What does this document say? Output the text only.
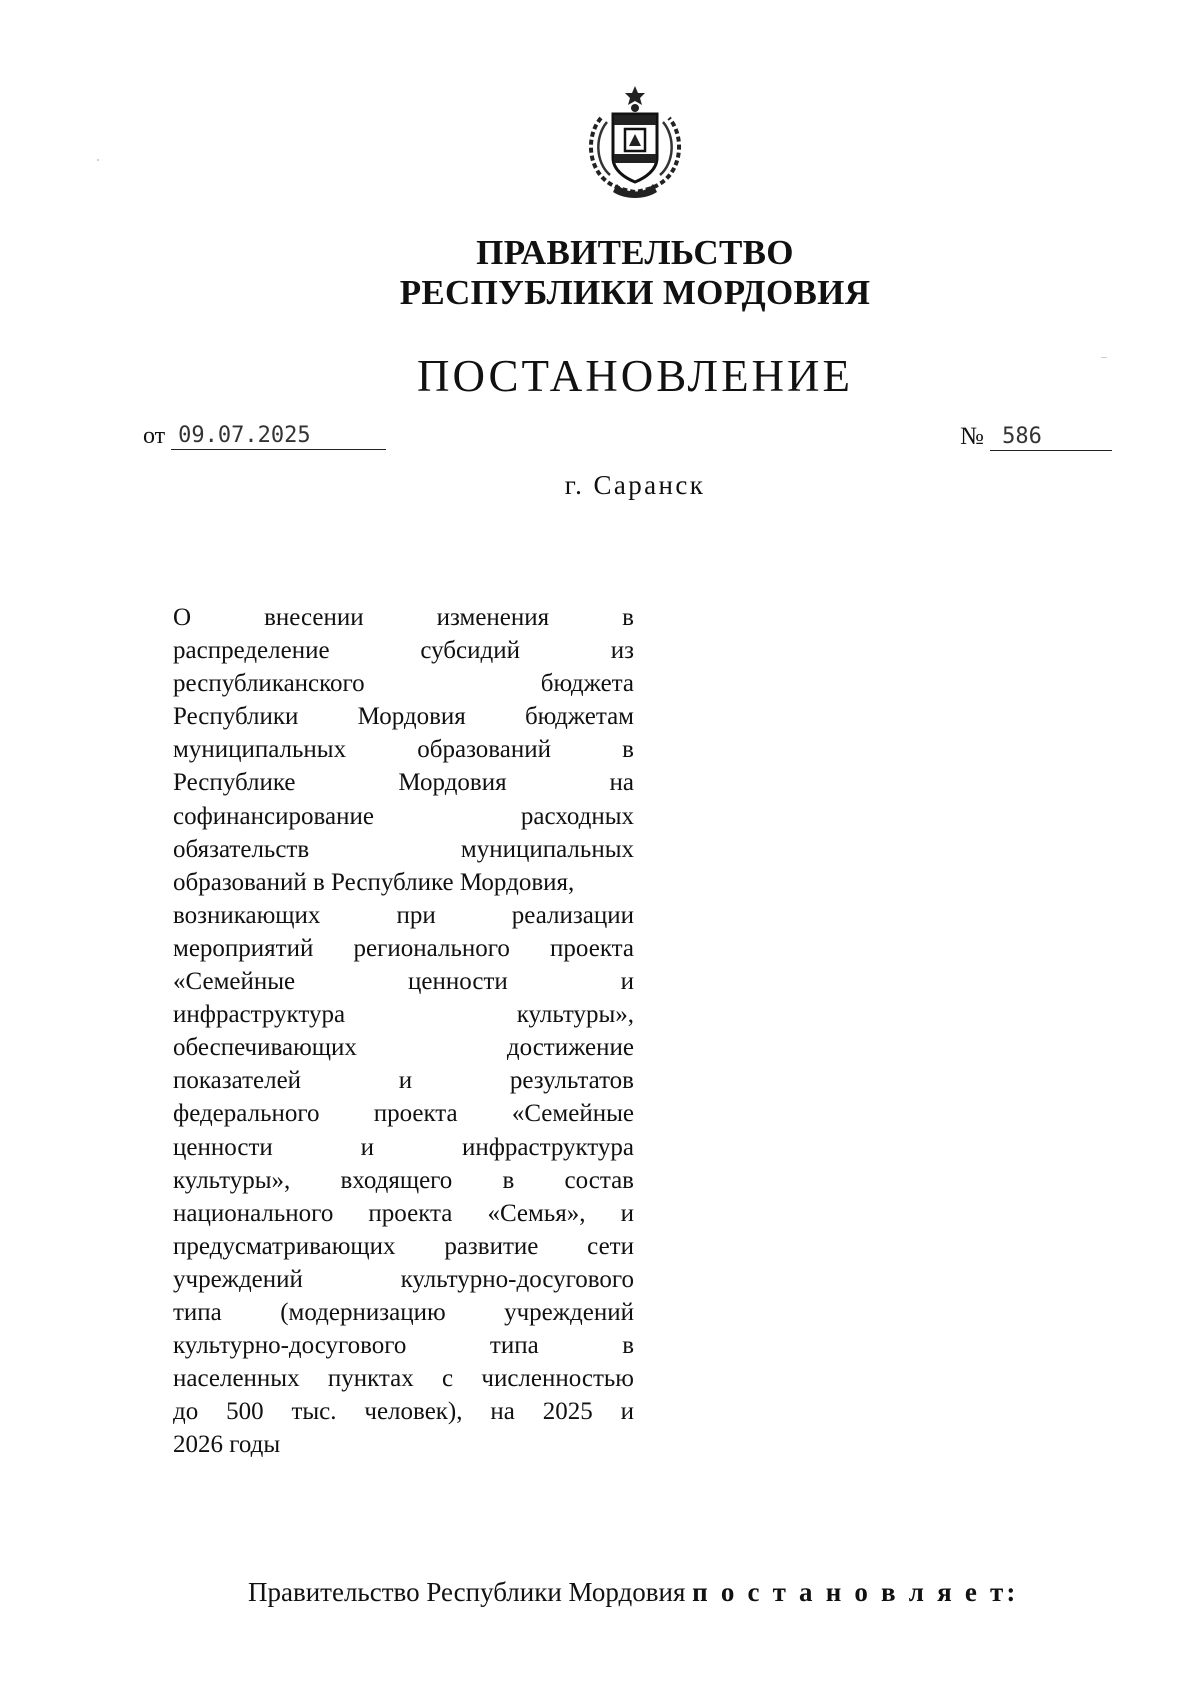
ПРАВИТЕЛЬСТВО
РЕСПУБЛИКИ МОРДОВИЯ
ПОСТАНОВЛЕНИЕ
от 09.07.2025	№ 586
г. Саранск
О	внесении	изменения	в
распределение	субсидий	из
республиканского	бюджета
Республики Мордовия бюджетам
муниципальных	образований	в
Республике	Мордовия	на
софинансирование	расходных
обязательств	муниципальных
образований в Республике Мордовия,
возникающих	при	реализации
мероприятий регионального проекта
«Семейные	ценности	и
инфраструктура	культуры»,
обеспечивающих	достижение
показателей	и	результатов
федерального проекта «Семейные
ценности	и	инфраструктура
культуры», входящего в состав
национального проекта «Семья», и
предусматривающих развитие сети
учреждений	культурно-досугового
типа (модернизацию учреждений
культурно-досугового	типа	в
населенных пунктах с численностью
до 500 тыс. человек), на 2025 и
2026 годы
Правительство Республики Мордовия п о с т а н о в л я е т:
